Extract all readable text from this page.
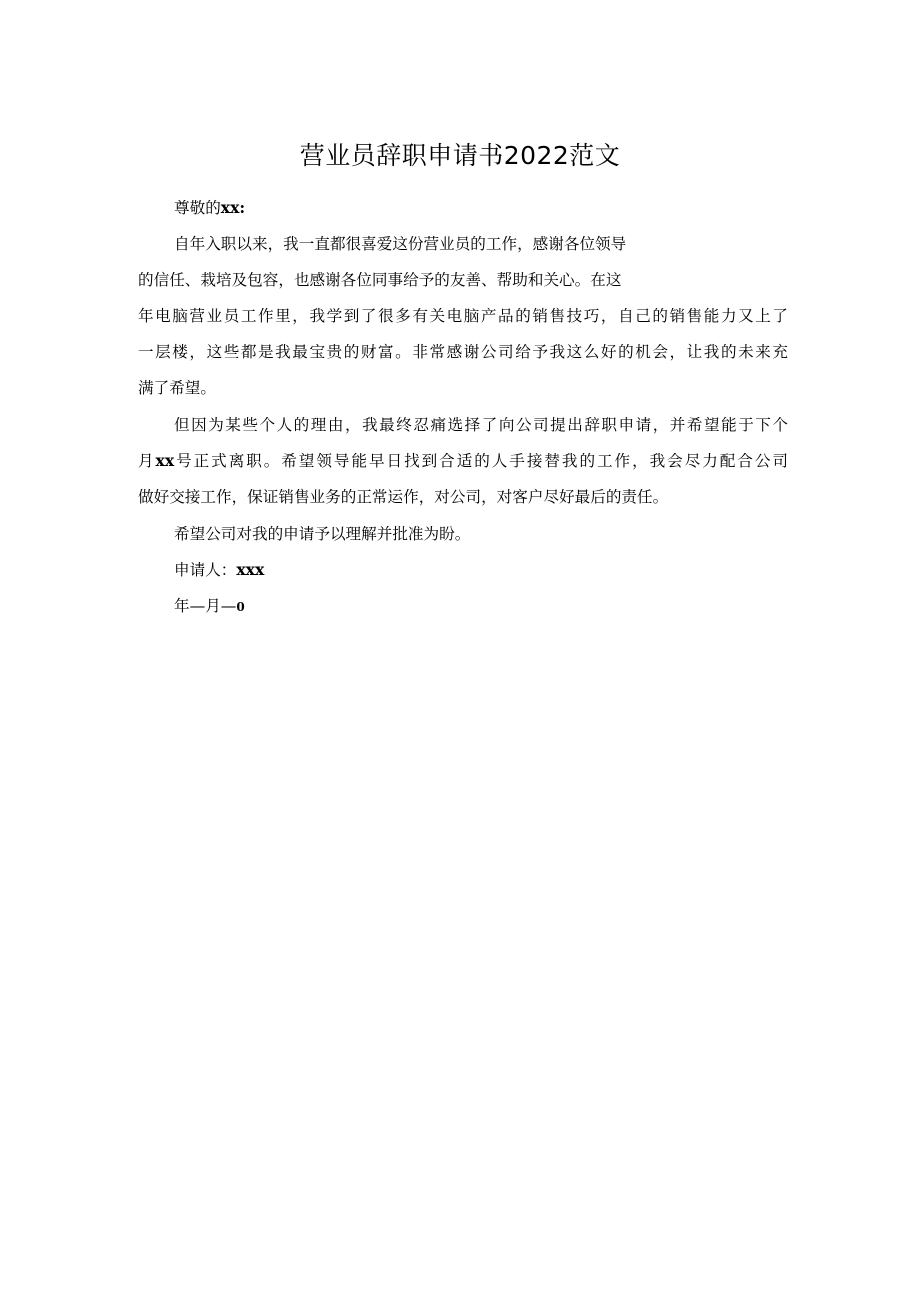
营业员辞职申请书2022范文
尊敬的xx:
自年入职以来，我一直都很喜爱这份营业员的工作，感谢各位领导
的信任、栽培及包容，也感谢各位同事给予的友善、帮助和关心。在这
年电脑营业员工作里，我学到了很多有关电脑产品的销售技巧，自己的销售能力又上了
一层楼，这些都是我最宝贵的财富。非常感谢公司给予我这么好的机会，让我的未来充
满了希望。
但因为某些个人的理由，我最终忍痛选择了向公司提出辞职申请，并希望能于下个
月xx号正式离职。希望领导能早日找到合适的人手接替我的工作，我会尽力配合公司
做好交接工作，保证销售业务的正常运作，对公司，对客户尽好最后的责任。
希望公司对我的申请予以理解并批准为盼。
申请人：xxx
年—月—0
